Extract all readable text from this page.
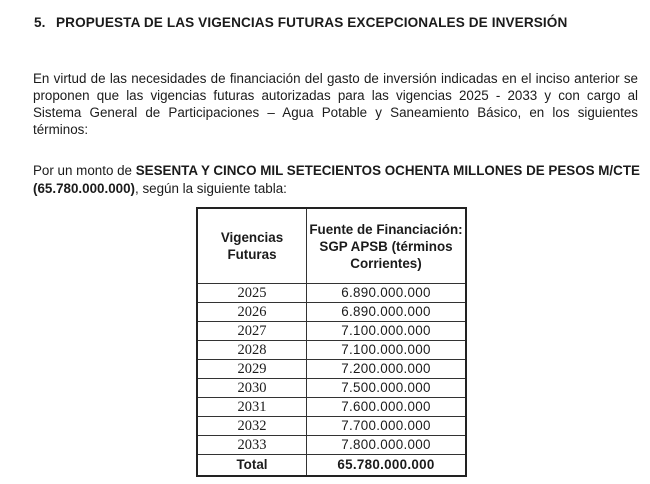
5. PROPUESTA DE LAS VIGENCIAS FUTURAS EXCEPCIONALES DE INVERSIÓN
En virtud de las necesidades de financiación del gasto de inversión indicadas en el inciso anterior se proponen que las vigencias futuras autorizadas para las vigencias 2025 - 2033 y con cargo al Sistema General de Participaciones – Agua Potable y Saneamiento Básico, en los siguientes términos:
Por un monto de SESENTA Y CINCO MIL SETECIENTOS OCHENTA MILLONES DE PESOS M/CTE (65.780.000.000), según la siguiente tabla:
Vigencias Futuras	Fuente de Financiación: SGP APSB (términos Corrientes)
2025	6.890.000.000
2026	6.890.000.000
2027	7.100.000.000
2028	7.100.000.000
2029	7.200.000.000
2030	7.500.000.000
2031	7.600.000.000
2032	7.700.000.000
2033	7.800.000.000
Total	65.780.000.000
